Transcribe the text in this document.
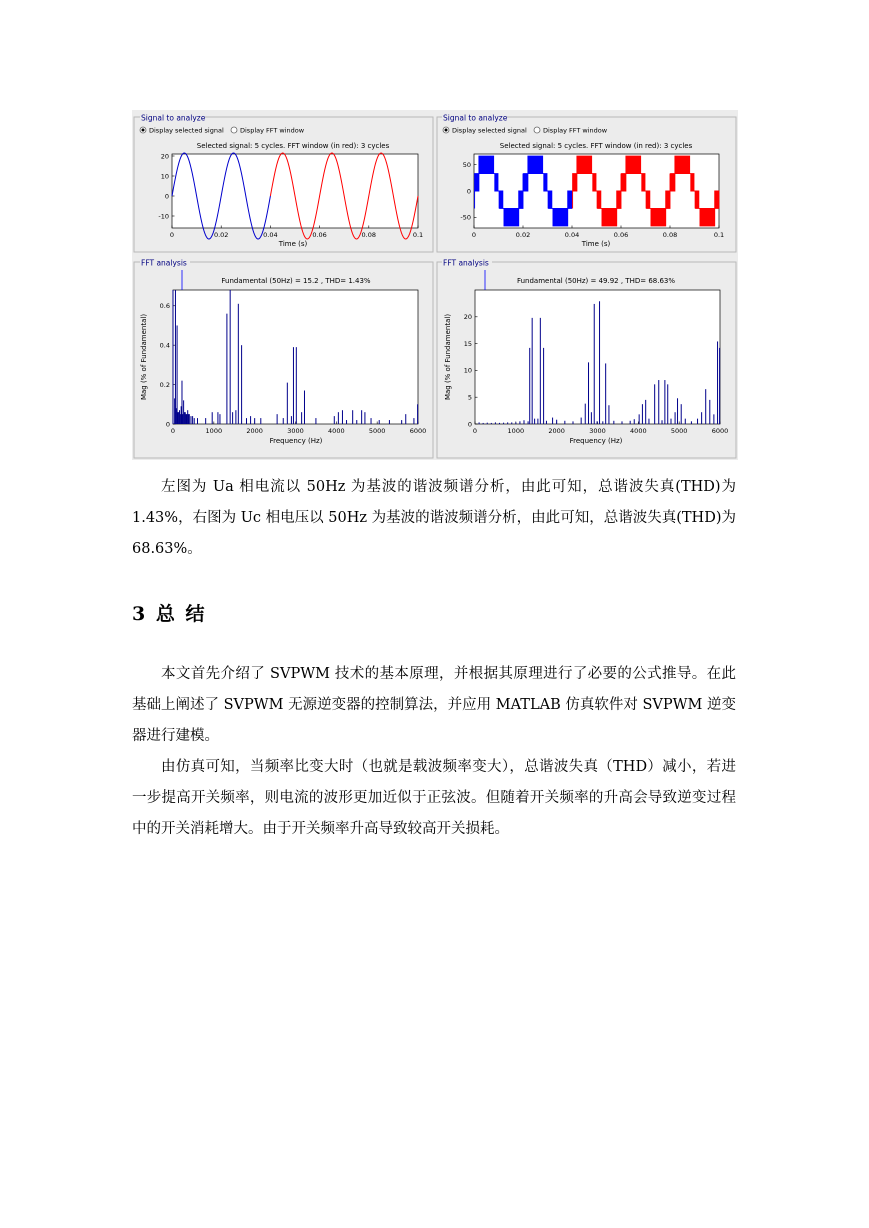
Signal to analyze
Display selected signal Display FFT window
Selected signal: 5 cycles. FFT window (in red): 3 cycles
0	0.02	0.04	0.06	0.08	0.1
-10
0
10
20
Time (s)
FFT analysis
Fundamental (50Hz) = 15.2 , THD= 1.43%
0	1000	2000	3000	4000	5000	6000
0
0.2
0.4
0.6
Frequency (Hz)
Mag (% of Fundamental)
Signal to analyze
Display selected signal Display FFT window
Selected signal: 5 cycles. FFT window (in red): 3 cycles
0	0.02	0.04	0.06	0.08	0.1
-50
0
50
Time (s)
FFT analysis
Fundamental (50Hz) = 49.92 , THD= 68.63%
0	1000	2000	3000	4000	5000	6000
0
5
10
15
20
Frequency (Hz)
Mag (% of Fundamental)

左图为 Ua 相电流以 50Hz 为基波的谐波频谱分析，由此可知，总谐波失真(THD)为 1.43%，右图为 Uc 相电压以 50Hz 为基波的谐波频谱分析，由此可知，总谐波失真(THD)为 68.63%。

3 总 结

本文首先介绍了 SVPWM 技术的基本原理，并根据其原理进行了必要的公式推导。在此基础上阐述了 SVPWM 无源逆变器的控制算法，并应用 MATLAB 仿真软件对 SVPWM 逆变器进行建模。

由仿真可知，当频率比变大时（也就是载波频率变大），总谐波失真（THD）减小，若进一步提高开关频率，则电流的波形更加近似于正弦波。但随着开关频率的升高会导致逆变过程中的开关消耗增大。由于开关频率升高导致较高开关损耗。
